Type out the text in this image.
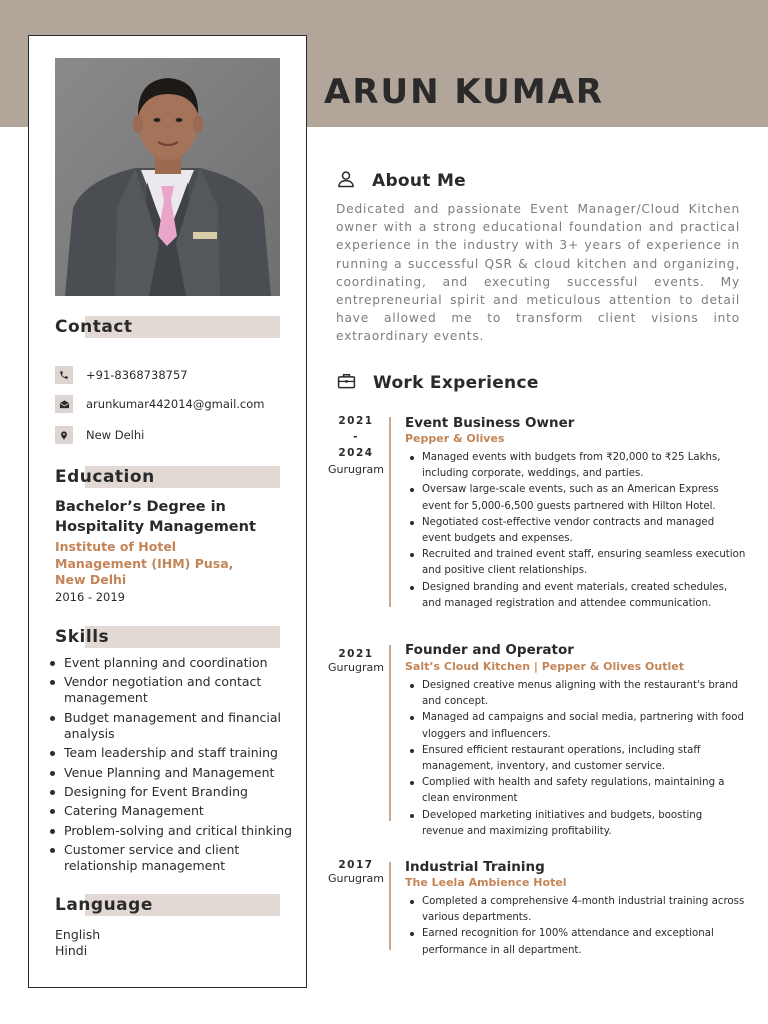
ARUN KUMAR
Contact
+91-8368738757
arunkumar442014@gmail.com
New Delhi
Education
Bachelor’s Degree in Hospitality Management
Institute of Hotel Management (IHM) Pusa, New Delhi
2016 - 2019
Skills
Event planning and coordination
Vendor negotiation and contact management
Budget management and financial analysis
Team leadership and staff training
Venue Planning and Management
Designing for Event Branding
Catering Management
Problem-solving and critical thinking
Customer service and client relationship management
Language
English
Hindi
About Me
Dedicated and passionate Event Manager/Cloud Kitchen owner with a strong educational foundation and practical experience in the industry with 3+ years of experience in running a successful QSR & cloud kitchen and organizing, coordinating, and executing successful events. My entrepreneurial spirit and meticulous attention to detail have allowed me to transform client visions into extraordinary events.
Work Experience
2021
-
2024
Gurugram
Event Business Owner
Pepper & Olives
Managed events with budgets from ₹20,000 to ₹25 Lakhs, including corporate, weddings, and parties.
Oversaw large-scale events, such as an American Express event for 5,000-6,500 guests partnered with Hilton Hotel.
Negotiated cost-effective vendor contracts and managed event budgets and expenses.
Recruited and trained event staff, ensuring seamless execution and positive client relationships.
Designed branding and event materials, created schedules, and managed registration and attendee communication.
2021
Gurugram
Founder and Operator
Salt’s Cloud Kitchen | Pepper & Olives Outlet
Designed creative menus aligning with the restaurant's brand and concept.
Managed ad campaigns and social media, partnering with food vloggers and influencers.
Ensured efficient restaurant operations, including staff management, inventory, and customer service.
Complied with health and safety regulations, maintaining a clean environment
Developed marketing initiatives and budgets, boosting revenue and maximizing profitability.
2017
Gurugram
Industrial Training
The Leela Ambience Hotel
Completed a comprehensive 4-month industrial training across various departments.
Earned recognition for 100% attendance and exceptional performance in all department.
